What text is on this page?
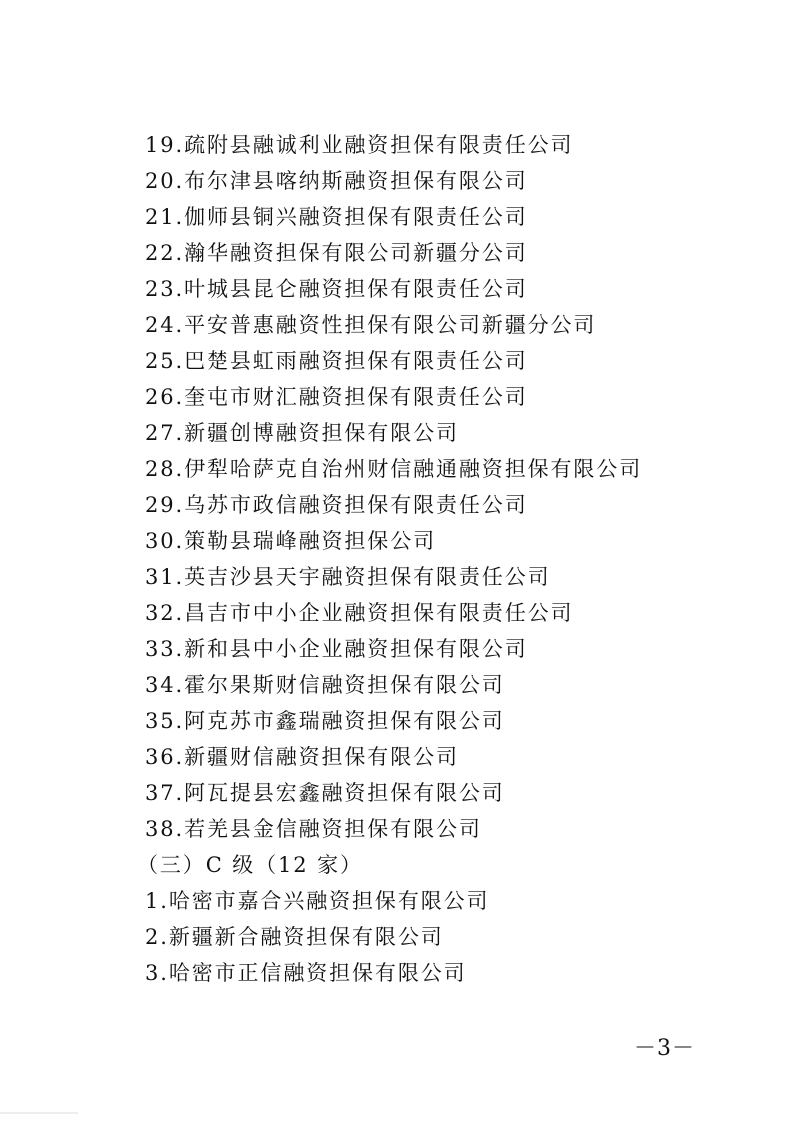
19.疏附县融诚利业融资担保有限责任公司
20.布尔津县喀纳斯融资担保有限公司
21.伽师县铜兴融资担保有限责任公司
22.瀚华融资担保有限公司新疆分公司
23.叶城县昆仑融资担保有限责任公司
24.平安普惠融资性担保有限公司新疆分公司
25.巴楚县虹雨融资担保有限责任公司
26.奎屯市财汇融资担保有限责任公司
27.新疆创博融资担保有限公司
28.伊犁哈萨克自治州财信融通融资担保有限公司
29.乌苏市政信融资担保有限责任公司
30.策勒县瑞峰融资担保公司
31.英吉沙县天宇融资担保有限责任公司
32.昌吉市中小企业融资担保有限责任公司
33.新和县中小企业融资担保有限公司
34.霍尔果斯财信融资担保有限公司
35.阿克苏市鑫瑞融资担保有限公司
36.新疆财信融资担保有限公司
37.阿瓦提县宏鑫融资担保有限公司
38.若羌县金信融资担保有限公司
（三）C 级（12 家）
1.哈密市嘉合兴融资担保有限公司
2.新疆新合融资担保有限公司
3.哈密市正信融资担保有限公司
－3－
